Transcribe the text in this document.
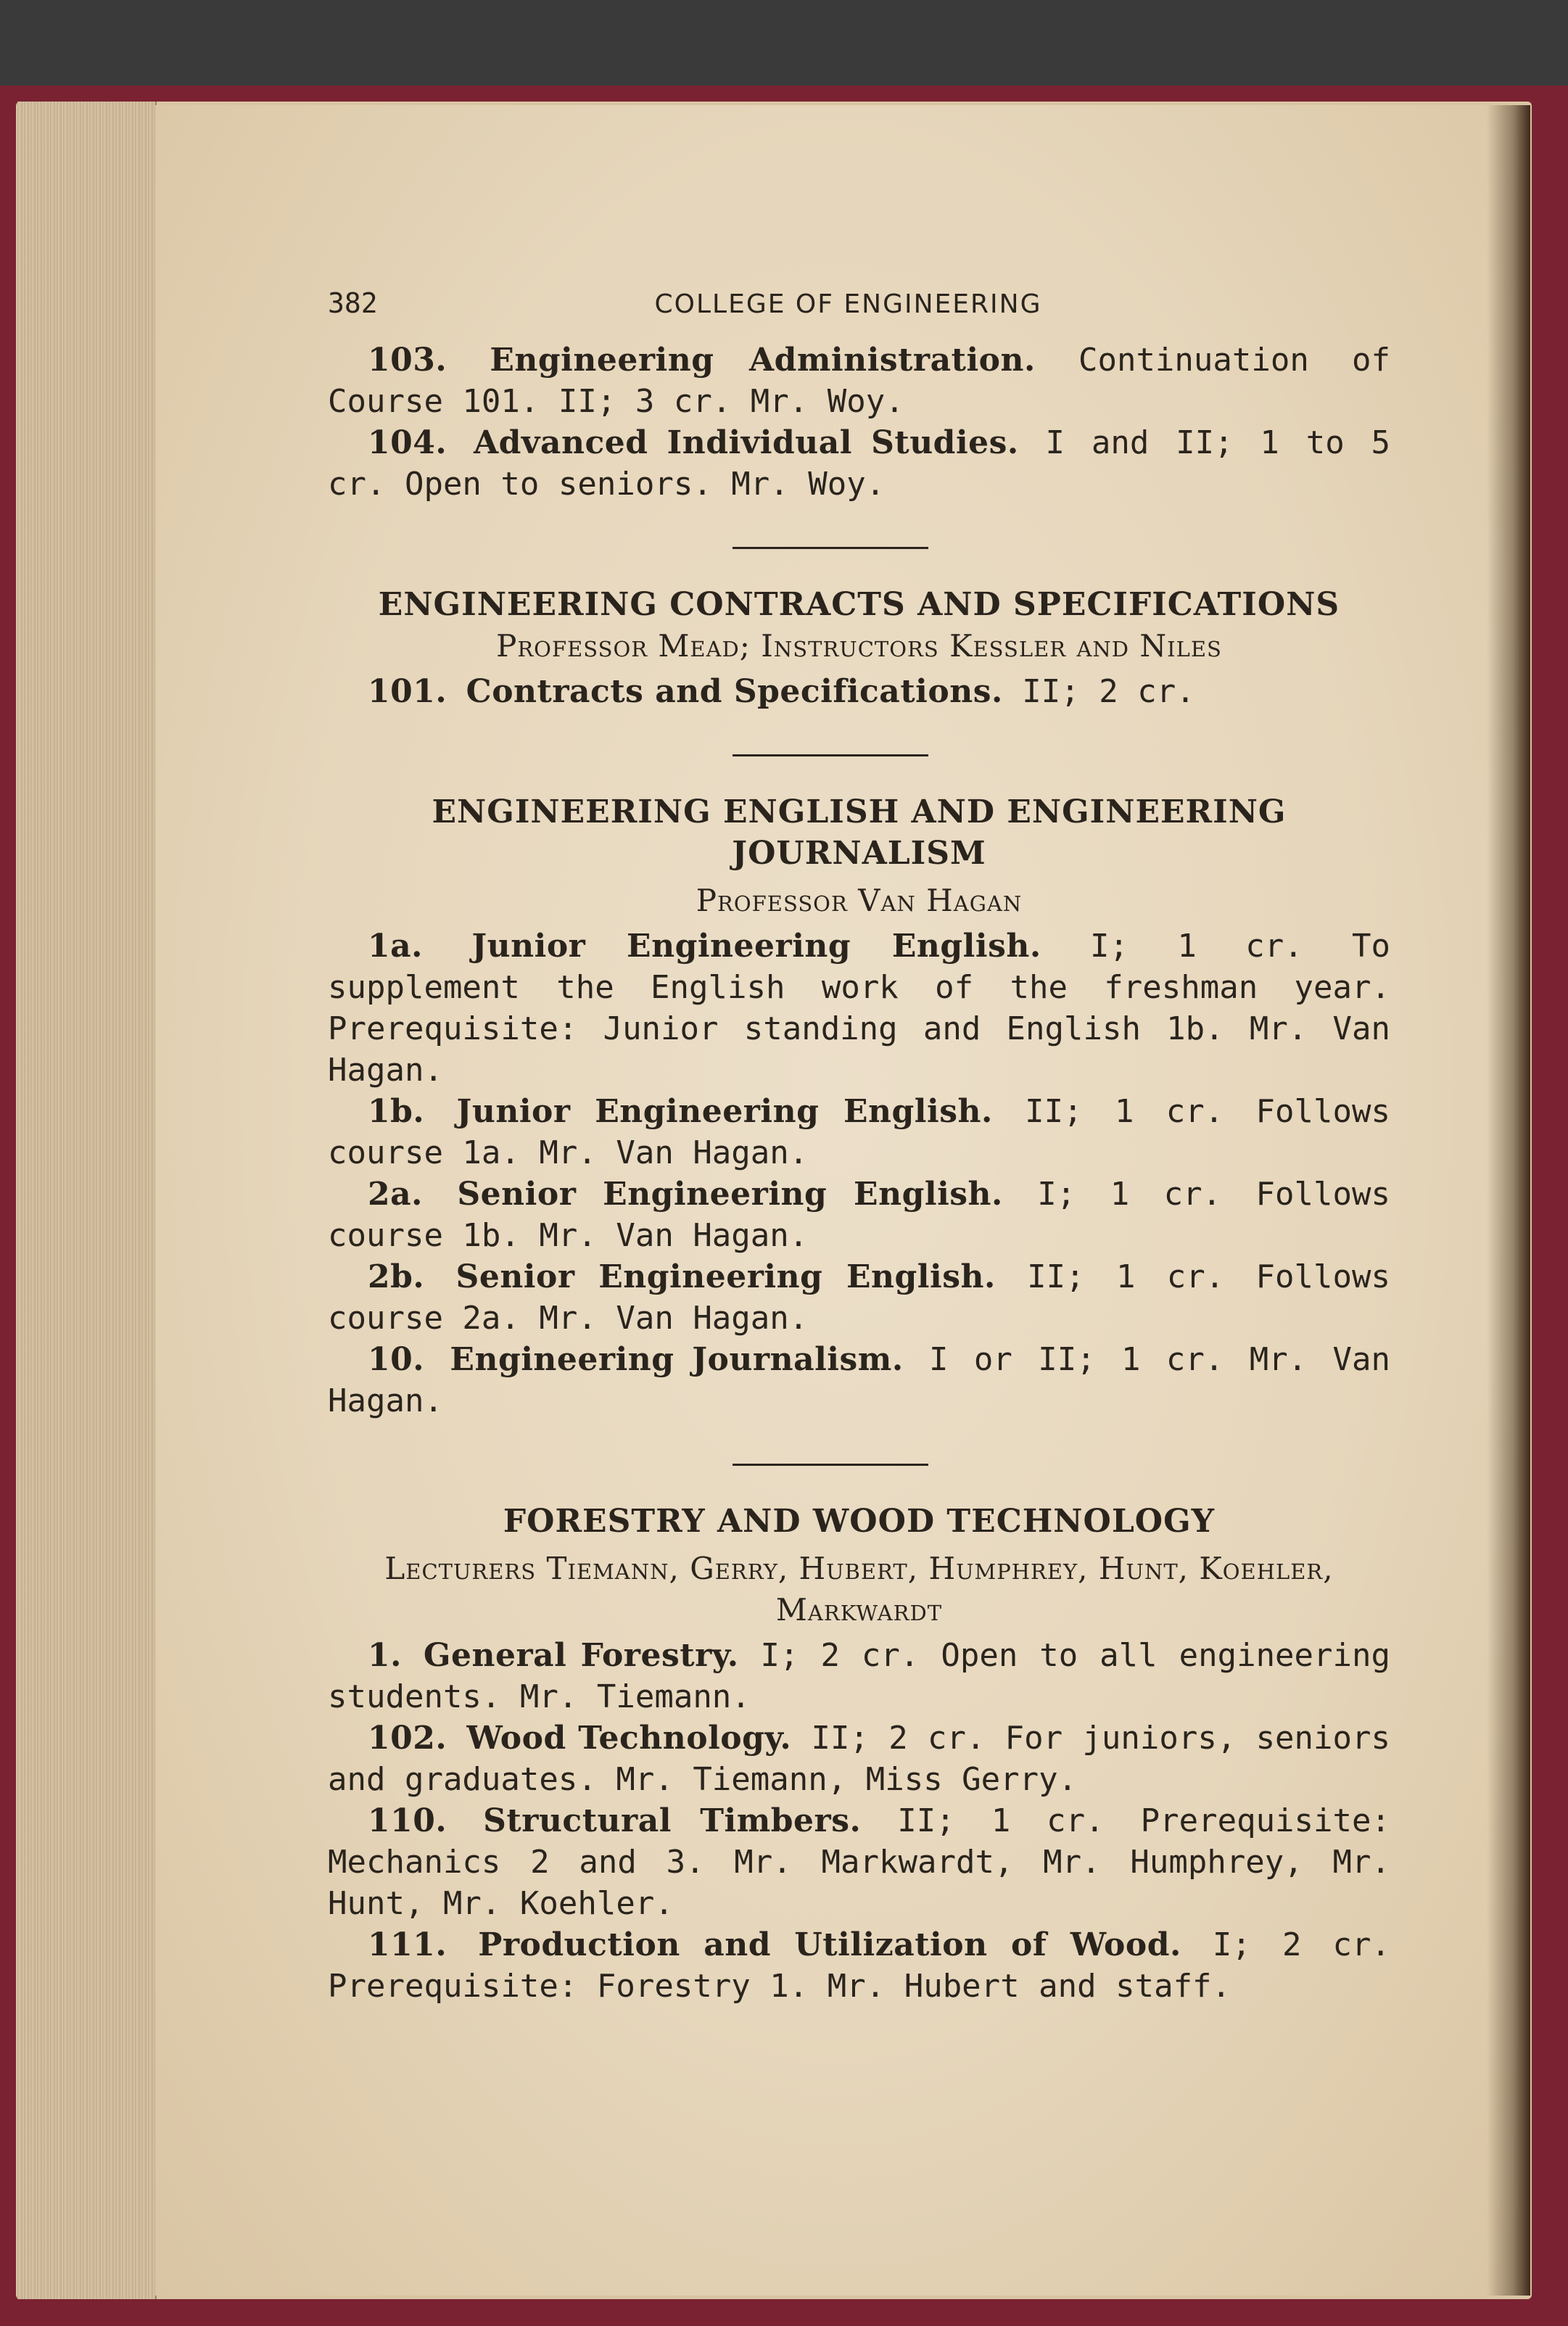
382	COLLEGE OF ENGINEERING

103. Engineering Administration. Continuation of Course 101. II; 3 cr. Mr. Woy.

104. Advanced Individual Studies. I and II; 1 to 5 cr. Open to seniors. Mr. Woy.

ENGINEERING CONTRACTS AND SPECIFICATIONS

Professor Mead; Instructors Kessler and Niles

101. Contracts and Specifications. II; 2 cr.

ENGINEERING ENGLISH AND ENGINEERING JOURNALISM

Professor Van Hagan

1a. Junior Engineering English. I; 1 cr. To supplement the English work of the freshman year. Prerequisite: Junior standing and English 1b. Mr. Van Hagan.

1b. Junior Engineering English. II; 1 cr. Follows course 1a. Mr. Van Hagan.

2a. Senior Engineering English. I; 1 cr. Follows course 1b. Mr. Van Hagan.

2b. Senior Engineering English. II; 1 cr. Follows course 2a. Mr. Van Hagan.

10. Engineering Journalism. I or II; 1 cr. Mr. Van Hagan.

FORESTRY AND WOOD TECHNOLOGY

Lecturers Tiemann, Gerry, Hubert, Humphrey, Hunt, Koehler, Markwardt

1. General Forestry. I; 2 cr. Open to all engineering students. Mr. Tiemann.

102. Wood Technology. II; 2 cr. For juniors, seniors and graduates. Mr. Tiemann, Miss Gerry.

110. Structural Timbers. II; 1 cr. Prerequisite: Mechanics 2 and 3. Mr. Markwardt, Mr. Humphrey, Mr. Hunt, Mr. Koehler.

111. Production and Utilization of Wood. I; 2 cr. Prerequisite: Forestry 1. Mr. Hubert and staff.
